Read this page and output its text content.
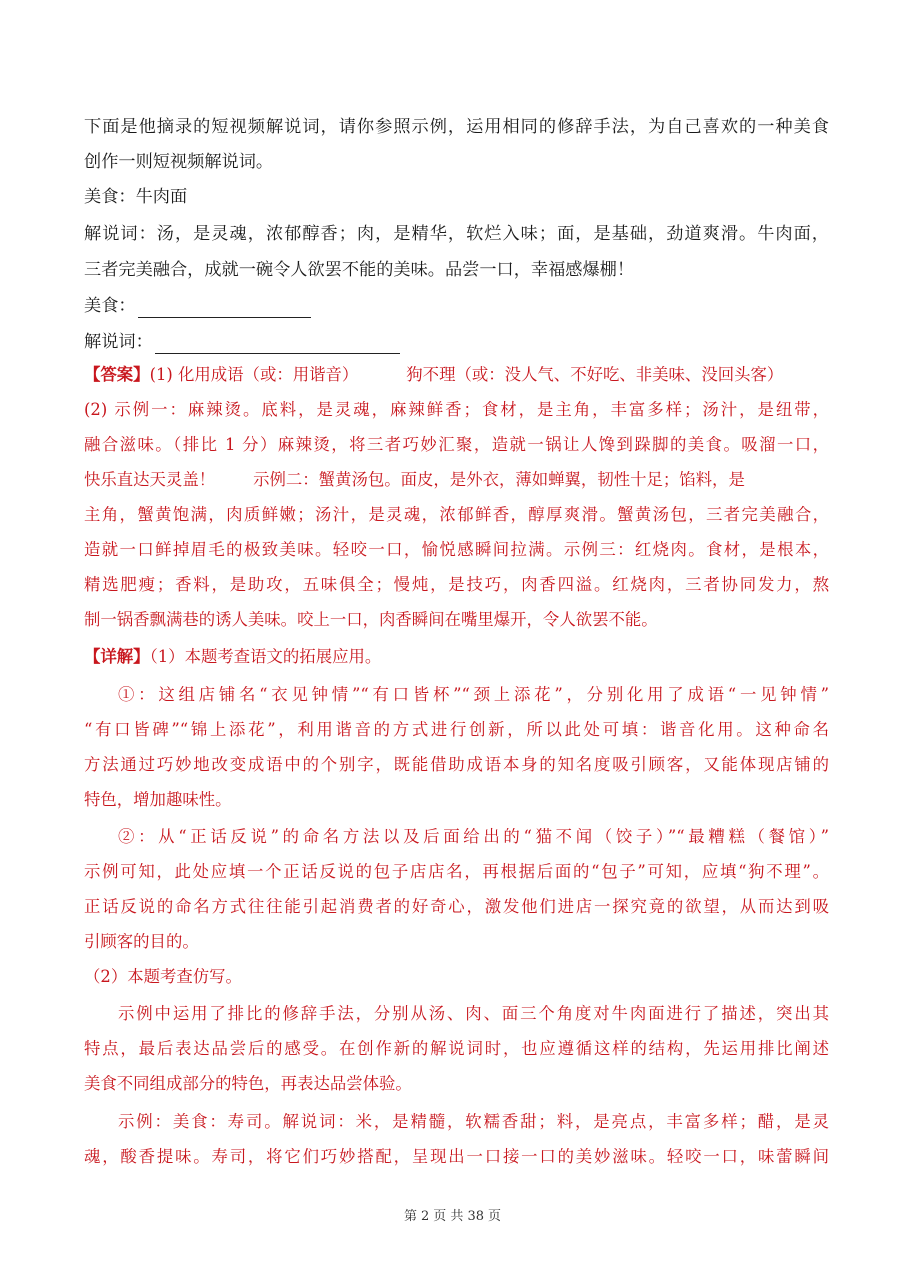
下面是他摘录的短视频解说词，请你参照示例，运用相同的修辞手法，为自己喜欢的一种美食
创作一则短视频解说词。
美食：牛肉面
解说词：汤，是灵魂，浓郁醇香；肉，是精华，软烂入味；面，是基础，劲道爽滑。牛肉面，
三者完美融合，成就一碗令人欲罢不能的美味。品尝一口，幸福感爆棚！
美食：
解说词：
【答案】(1) 化用成语（或：用谐音）	狗不理（或：没人气、不好吃、非美味、没回头客）
(2) 示例一：麻辣烫。底料，是灵魂，麻辣鲜香；食材，是主角，丰富多样；汤汁，是纽带，
融合滋味。（排比 1 分）麻辣烫，将三者巧妙汇聚，造就一锅让人馋到跺脚的美食。吸溜一口，
快乐直达天灵盖！ 示例二：蟹黄汤包。面皮，是外衣，薄如蝉翼，韧性十足；馅料，是
主角，蟹黄饱满，肉质鲜嫩；汤汁，是灵魂，浓郁鲜香，醇厚爽滑。蟹黄汤包，三者完美融合，
造就一口鲜掉眉毛的极致美味。轻咬一口，愉悦感瞬间拉满。示例三：红烧肉。食材，是根本，
精选肥瘦；香料，是助攻，五味俱全；慢炖，是技巧，肉香四溢。红烧肉，三者协同发力，熬
制一锅香飘满巷的诱人美味。咬上一口，肉香瞬间在嘴里爆开，令人欲罢不能。
【详解】（1）本题考查语文的拓展应用。
①：这组店铺名“衣见钟情”“有口皆杯”“颈上添花”，分别化用了成语“一见钟情”
“有口皆碑”“锦上添花”，利用谐音的方式进行创新，所以此处可填：谐音化用。这种命名
方法通过巧妙地改变成语中的个别字，既能借助成语本身的知名度吸引顾客，又能体现店铺的
特色，增加趣味性。
②：从“正话反说”的命名方法以及后面给出的“猫不闻（饺子）”“最糟糕（餐馆）”
示例可知，此处应填一个正话反说的包子店店名，再根据后面的“包子”可知，应填“狗不理”。
正话反说的命名方式往往能引起消费者的好奇心，激发他们进店一探究竟的欲望，从而达到吸
引顾客的目的。
（2）本题考查仿写。
示例中运用了排比的修辞手法，分别从汤、肉、面三个角度对牛肉面进行了描述，突出其
特点，最后表达品尝后的感受。在创作新的解说词时，也应遵循这样的结构，先运用排比阐述
美食不同组成部分的特色，再表达品尝体验。
示例：美食：寿司。解说词：米，是精髓，软糯香甜；料，是亮点，丰富多样；醋，是灵
魂，酸香提味。寿司，将它们巧妙搭配，呈现出一口接一口的美妙滋味。轻咬一口，味蕾瞬间
第 2 页 共 38 页
